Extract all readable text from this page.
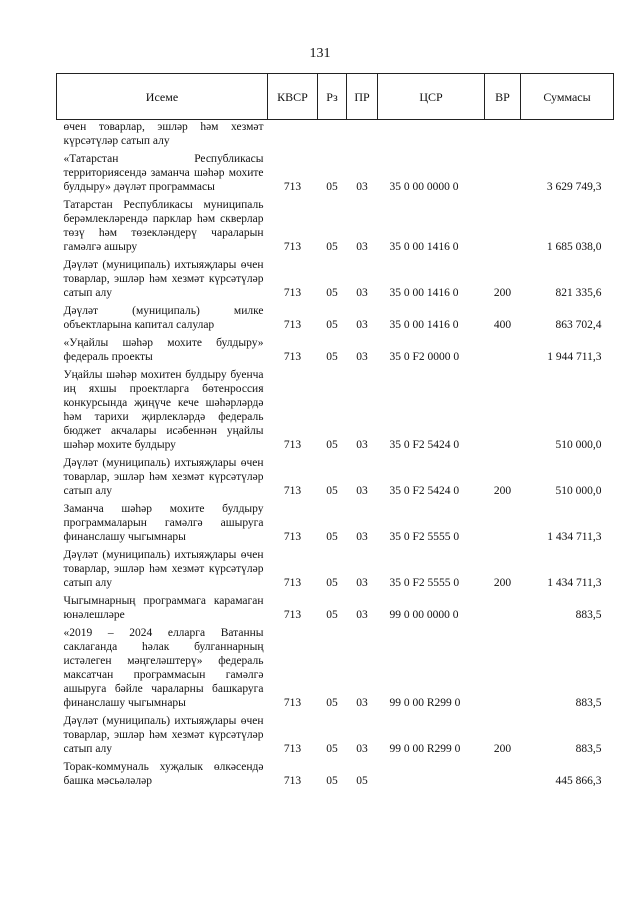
131
Исеме	КВСР	Рз	ПР	ЦСР	ВР	Суммасы
өчен товарлар, эшләр һәм хезмәт күрсәтүләр сатып алу						
«Татарстан Республикасы территориясендә заманча шәһәр мохите булдыру» дәүләт программасы	713	05	03	35 0 00 0000 0		3 629 749,3
Татарстан Республикасы муниципаль берәмлекләрендә парклар һәм скверлар төзү һәм төзекләндерү чараларын гамәлгә ашыру	713	05	03	35 0 00 1416 0		1 685 038,0
Дәүләт (муниципаль) ихтыяҗлары өчен товарлар, эшләр һәм хезмәт күрсәтүләр сатып алу	713	05	03	35 0 00 1416 0	200	821 335,6
Дәүләт (муниципаль) милке объектларына капитал салулар	713	05	03	35 0 00 1416 0	400	863 702,4
«Уңайлы шәһәр мохите булдыру» федераль проекты	713	05	03	35 0 F2 0000 0		1 944 711,3
Уңайлы шәһәр мохитен булдыру буенча иң яхшы проектларга бөтенроссия конкурсында җиңүче кече шәһәрләрдә һәм тарихи җирлекләрдә федераль бюджет акчалары исәбеннән уңайлы шәһәр мохите булдыру	713	05	03	35 0 F2 5424 0		510 000,0
Дәүләт (муниципаль) ихтыяҗлары өчен товарлар, эшләр һәм хезмәт күрсәтүләр сатып алу	713	05	03	35 0 F2 5424 0	200	510 000,0
Заманча шәһәр мохите булдыру программаларын гамәлгә ашыруга финанслашу чыгымнары	713	05	03	35 0 F2 5555 0		1 434 711,3
Дәүләт (муниципаль) ихтыяҗлары өчен товарлар, эшләр һәм хезмәт күрсәтүләр сатып алу	713	05	03	35 0 F2 5555 0	200	1 434 711,3
Чыгымнарның программага карамаган юнәлешләре	713	05	03	99 0 00 0000 0		883,5
«2019 – 2024 елларга Ватанны саклаганда һәлак булганнарның истәлеген мәңгеләштерү» федераль максатчан программасын гамәлгә ашыруга бәйле чараларны башкаруга финанслашу чыгымнары	713	05	03	99 0 00 R299 0		883,5
Дәүләт (муниципаль) ихтыяҗлары өчен товарлар, эшләр һәм хезмәт күрсәтүләр сатып алу	713	05	03	99 0 00 R299 0	200	883,5
Торак-коммуналь хуҗалык өлкәсендә башка мәсьәләләр	713	05	05			445 866,3
